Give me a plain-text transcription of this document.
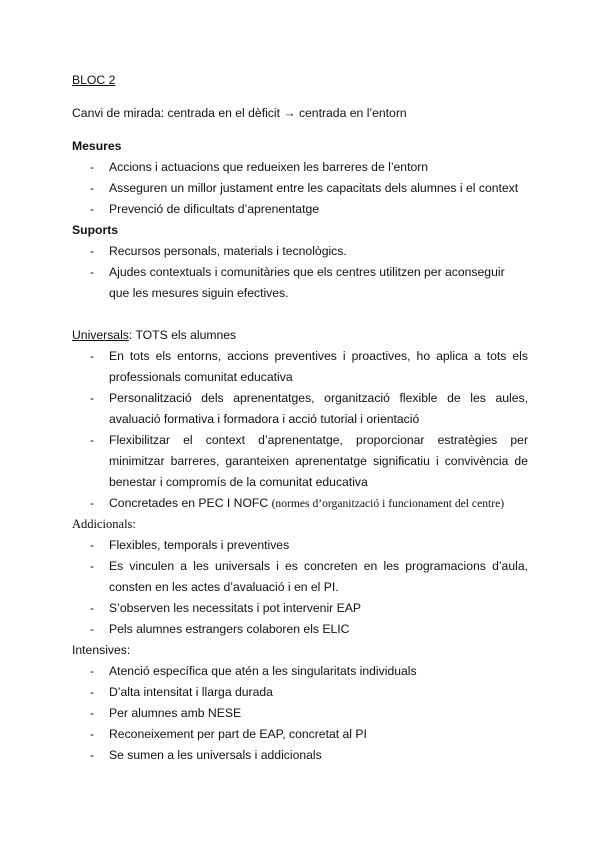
BLOC 2

Canvi de mirada: centrada en el dèficit → centrada en l’entorn
Mesures
- Accions i actuacions que redueixen les barreres de l’entorn
- Asseguren un millor justament entre les capacitats dels alumnes i el context
- Prevenció de dificultats d’aprenentatge
Suports
- Recursos personals, materials i tecnològics.
- Ajudes contextuals i comunitàries que els centres utilitzen per aconseguir que les mesures siguin efectives.
Universals: TOTS els alumnes
- En tots els entorns, accions preventives i proactives, ho aplica a tots els professionals comunitat educativa
- Personalització dels aprenentatges, organització flexible de les aules, avaluació formativa i formadora i acció tutorial i orientació
- Flexibilitzar el context d’aprenentatge, proporcionar estratègies per minimitzar barreres, garanteixen aprenentatge significatiu i convivència de benestar i compromís de la comunitat educativa
- Concretades en PEC I NOFC (normes d’organització i funcionament del centre)
Addicionals:
- Flexibles, temporals i preventives
- Es vinculen a les universals i es concreten en les programacions d’aula, consten en les actes d’avaluació i en el PI.
- S’observen les necessitats i pot intervenir EAP
- Pels alumnes estrangers colaboren els ELIC
Intensives:
- Atenció específica que atén a les singularitats individuals
- D’alta intensitat i llarga durada
- Per alumnes amb NESE
- Reconeixement per part de EAP, concretat al PI
- Se sumen a les universals i addicionals
